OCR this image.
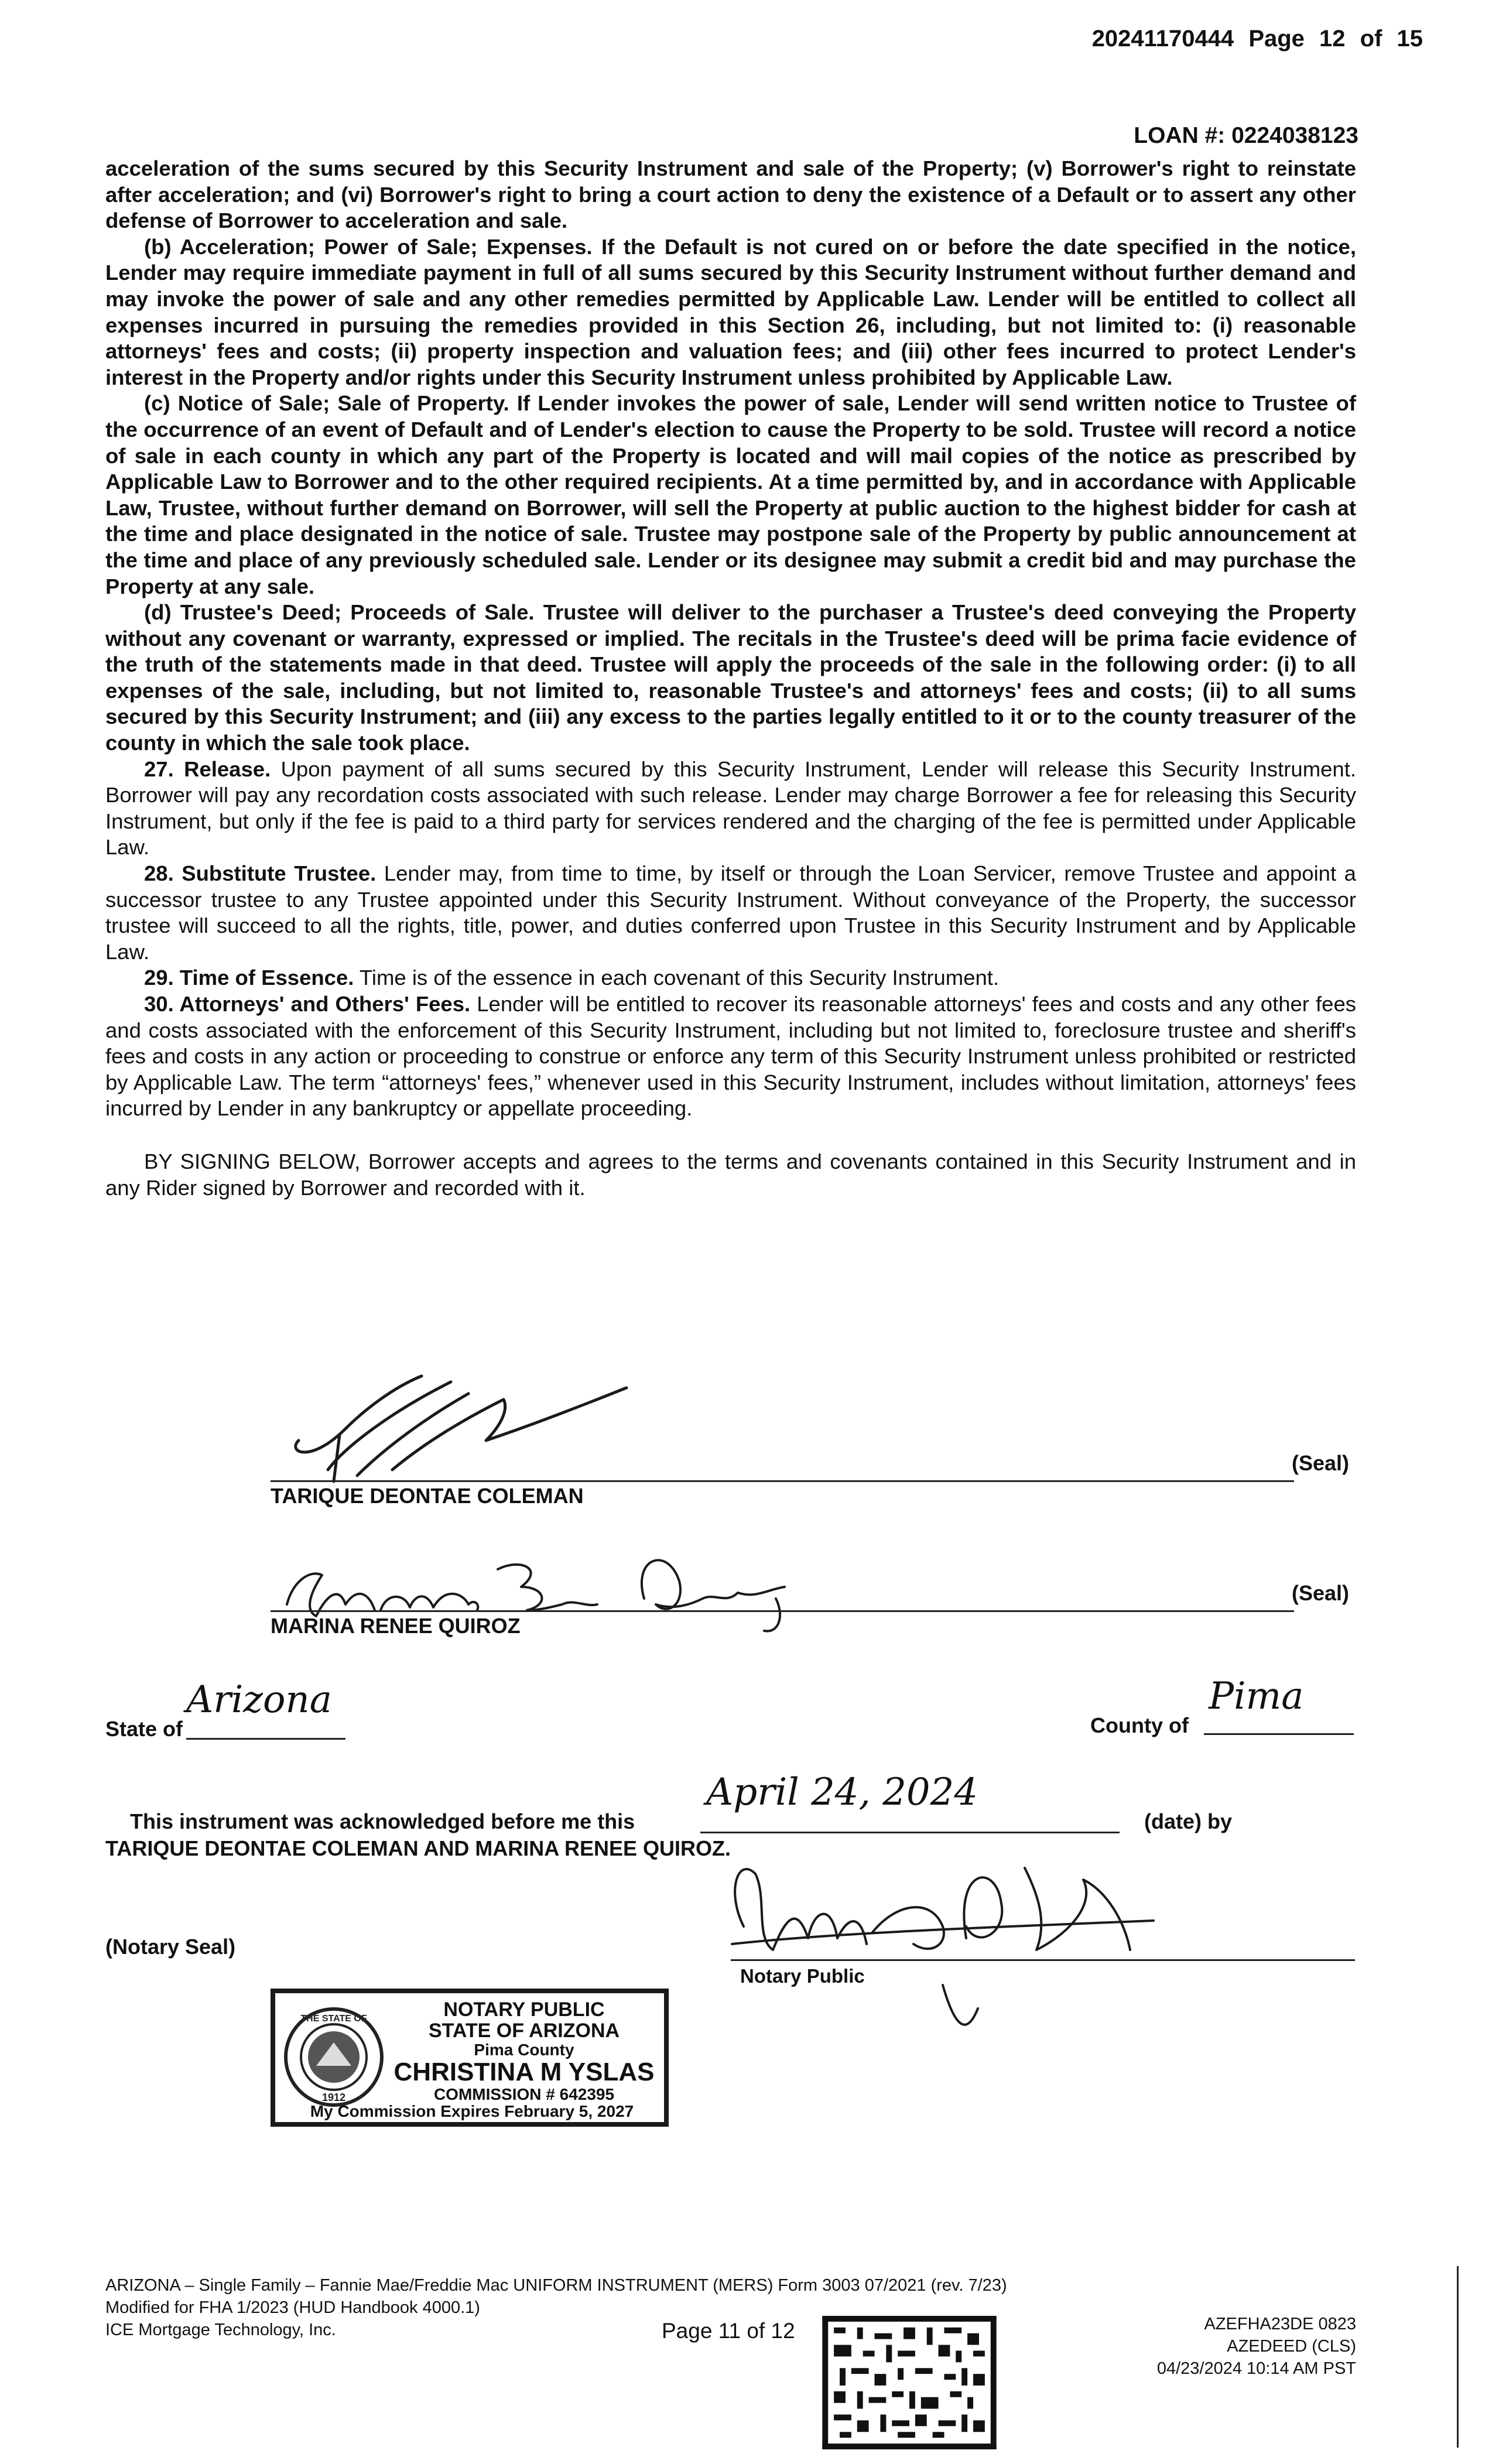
20241170444 Page 12 of 15
LOAN #: 0224038123

acceleration of the sums secured by this Security Instrument and sale of the Property; (v) Borrower's right to reinstate after acceleration; and (vi) Borrower's right to bring a court action to deny the existence of a Default or to assert any other defense of Borrower to acceleration and sale.

(b) Acceleration; Power of Sale; Expenses. If the Default is not cured on or before the date specified in the notice, Lender may require immediate payment in full of all sums secured by this Security Instrument without further demand and may invoke the power of sale and any other remedies permitted by Applicable Law. Lender will be entitled to collect all expenses incurred in pursuing the remedies provided in this Section 26, including, but not limited to: (i) reasonable attorneys' fees and costs; (ii) property inspection and valuation fees; and (iii) other fees incurred to protect Lender's interest in the Property and/or rights under this Security Instrument unless prohibited by Applicable Law.

(c) Notice of Sale; Sale of Property. If Lender invokes the power of sale, Lender will send written notice to Trustee of the occurrence of an event of Default and of Lender's election to cause the Property to be sold. Trustee will record a notice of sale in each county in which any part of the Property is located and will mail copies of the notice as prescribed by Applicable Law to Borrower and to the other required recipients. At a time permitted by, and in accordance with Applicable Law, Trustee, without further demand on Borrower, will sell the Property at public auction to the highest bidder for cash at the time and place designated in the notice of sale. Trustee may postpone sale of the Property by public announcement at the time and place of any previously scheduled sale. Lender or its designee may submit a credit bid and may purchase the Property at any sale.

(d) Trustee's Deed; Proceeds of Sale. Trustee will deliver to the purchaser a Trustee's deed conveying the Property without any covenant or warranty, expressed or implied. The recitals in the Trustee's deed will be prima facie evidence of the truth of the statements made in that deed. Trustee will apply the proceeds of the sale in the following order: (i) to all expenses of the sale, including, but not limited to, reasonable Trustee's and attorneys' fees and costs; (ii) to all sums secured by this Security Instrument; and (iii) any excess to the parties legally entitled to it or to the county treasurer of the county in which the sale took place.

27. Release. Upon payment of all sums secured by this Security Instrument, Lender will release this Security Instrument. Borrower will pay any recordation costs associated with such release. Lender may charge Borrower a fee for releasing this Security Instrument, but only if the fee is paid to a third party for services rendered and the charging of the fee is permitted under Applicable Law.

28. Substitute Trustee. Lender may, from time to time, by itself or through the Loan Servicer, remove Trustee and appoint a successor trustee to any Trustee appointed under this Security Instrument. Without conveyance of the Property, the successor trustee will succeed to all the rights, title, power, and duties conferred upon Trustee in this Security Instrument and by Applicable Law.

29. Time of Essence. Time is of the essence in each covenant of this Security Instrument.

30. Attorneys' and Others' Fees. Lender will be entitled to recover its reasonable attorneys' fees and costs and any other fees and costs associated with the enforcement of this Security Instrument, including but not limited to, foreclosure trustee and sheriff's fees and costs in any action or proceeding to construe or enforce any term of this Security Instrument unless prohibited or restricted by Applicable Law. The term “attorneys' fees,” whenever used in this Security Instrument, includes without limitation, attorneys' fees incurred by Lender in any bankruptcy or appellate proceeding.

BY SIGNING BELOW, Borrower accepts and agrees to the terms and covenants contained in this Security Instrument and in any Rider signed by Borrower and recorded with it.

(Seal)
TARIQUE DEONTAE COLEMAN
(Seal)
MARINA RENEE QUIROZ
State of
Arizona
County of
Pima
This instrument was acknowledged before me this
April 24, 2024
(date) by
TARIQUE DEONTAE COLEMAN AND MARINA RENEE QUIROZ.
Notary Public
(Notary Seal)
THE STATE OF
1912
NOTARY PUBLIC
STATE OF ARIZONA
Pima County
CHRISTINA M YSLAS
COMMISSION # 642395
My Commission Expires February 5, 2027
ARIZONA – Single Family – Fannie Mae/Freddie Mac UNIFORM INSTRUMENT (MERS) Form 3003 07/2021 (rev. 7/23)
Modified for FHA 1/2023 (HUD Handbook 4000.1)
ICE Mortgage Technology, Inc.	Page 11 of 12	AZEFHA23DE 0823
AZEDEED (CLS)
04/23/2024 10:14 AM PST
